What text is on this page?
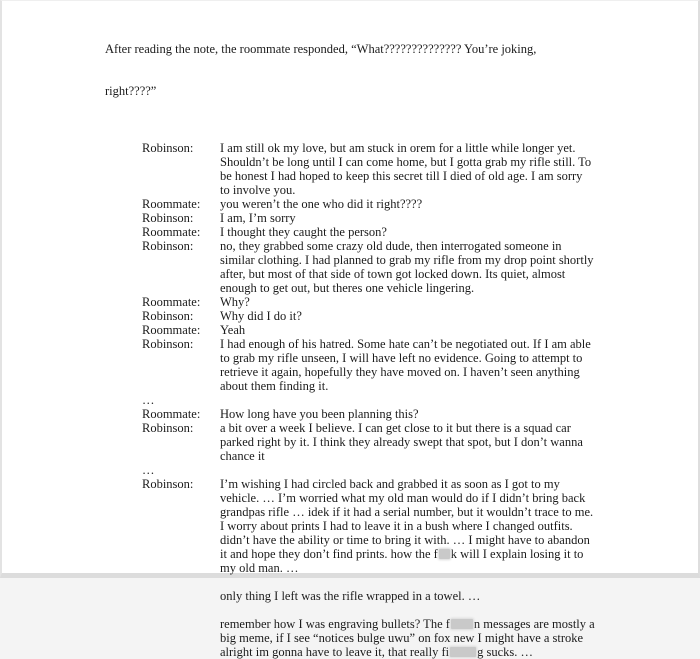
After reading the note, the roommate responded, “What?????????????? You’re joking,

right????”

Robinson:	I am still ok my love, but am stuck in orem for a little while longer yet.
Shouldn’t be long until I can come home, but I gotta grab my rifle still. To
be honest I had hoped to keep this secret till I died of old age. I am sorry
to involve you.
Roommate:	you weren’t the one who did it right????
Robinson:	I am, I’m sorry
Roommate:	I thought they caught the person?
Robinson:	no, they grabbed some crazy old dude, then interrogated someone in
similar clothing. I had planned to grab my rifle from my drop point shortly
after, but most of that side of town got locked down. Its quiet, almost
enough to get out, but theres one vehicle lingering.
Roommate:	Why?
Robinson:	Why did I do it?
Roommate:	Yeah
Robinson:	I had enough of his hatred. Some hate can’t be negotiated out. If I am able
to grab my rifle unseen, I will have left no evidence. Going to attempt to
retrieve it again, hopefully they have moved on. I haven’t seen anything
about them finding it.
…
Roommate:	How long have you been planning this?
Robinson:	a bit over a week I believe. I can get close to it but there is a squad car
parked right by it. I think they already swept that spot, but I don’t wanna
chance it
…
Robinson:	I’m wishing I had circled back and grabbed it as soon as I got to my
vehicle. … I’m worried what my old man would do if I didn’t bring back
grandpas rifle … idek if it had a serial number, but it wouldn’t trace to me.
I worry about prints I had to leave it in a bush where I changed outfits.
didn’t have the ability or time to bring it with. … I might have to abandon
it and hope they don’t find prints. how the f k will I explain losing it to
my old man. …
only thing I left was the rifle wrapped in a towel. …
remember how I was engraving bullets? The f n messages are mostly a
big meme, if I see “notices bulge uwu” on fox new I might have a stroke
alright im gonna have to leave it, that really fi g sucks. …
